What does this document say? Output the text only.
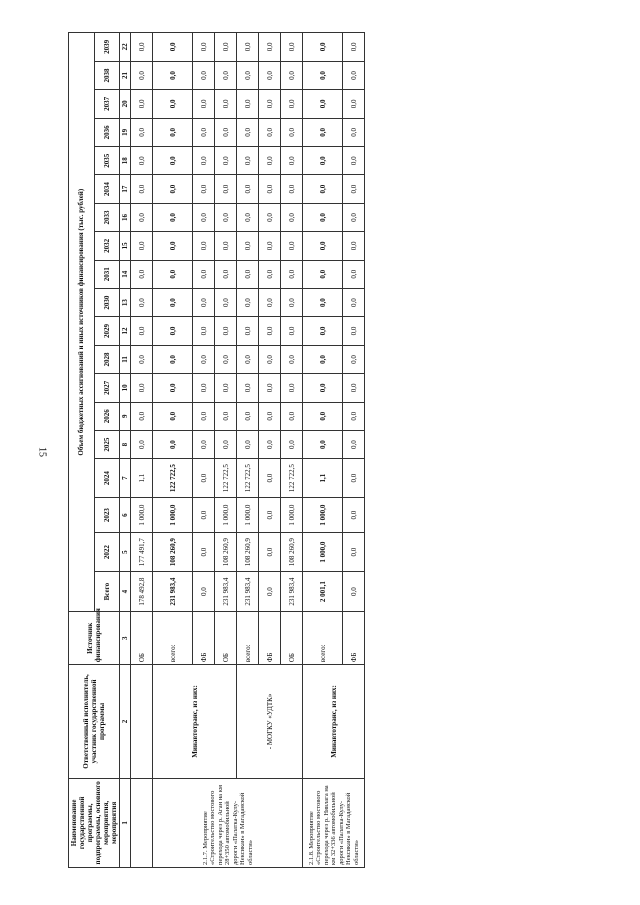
15
Наименование государственной программы, подпрограммы, основного мероприятия, мероприятия	Ответственный исполнитель, участник государственной программы	Источник финансирования	Объем бюджетных ассигнований и иных источников финансирования (тыс. рублей)																		
			Всего	2022	2023	2024	2025	2026	2027	2028	2029	2030	2031	2032	2033	2034	2035	2036	2037	2038	2039
1	2	3	4	5	6	7	8	9	10	11	12	13	14	15	16	17	18	19	20	21	22
		ОБ	178 492,8	177 491,7	1 000,0	1,1	0,0	0,0	0,0	0,0	0,0	0,0	0,0	0,0	0,0	0,0	0,0	0,0	0,0	0,0	0,0
2.1.7. Мероприятие «Строительство мостового перехода через р. Аган на км 28+350 автомобильной дороги «Палатка-Кулу-Нексикан» в Магаданской области»	Минавтотранс, из них:	всего:	231 983,4	108 260,9	1 000,0	122 722,5	0,0	0,0	0,0	0,0	0,0	0,0	0,0	0,0	0,0	0,0	0,0	0,0	0,0	0,0	0,0
		ФБ	0,0	0,0	0,0	0,0	0,0	0,0	0,0	0,0	0,0	0,0	0,0	0,0	0,0	0,0	0,0	0,0	0,0	0,0	0,0
		ОБ	231 983,4	108 260,9	1 000,0	122 722,5	0,0	0,0	0,0	0,0	0,0	0,0	0,0	0,0	0,0	0,0	0,0	0,0	0,0	0,0	0,0
	- МОГКУ «УДТК»	всего:	231 983,4	108 260,9	1 000,0	122 722,5	0,0	0,0	0,0	0,0	0,0	0,0	0,0	0,0	0,0	0,0	0,0	0,0	0,0	0,0	0,0
		ФБ	0,0	0,0	0,0	0,0	0,0	0,0	0,0	0,0	0,0	0,0	0,0	0,0	0,0	0,0	0,0	0,0	0,0	0,0	0,0
		ОБ	231 983,4	108 260,9	1 000,0	122 722,5	0,0	0,0	0,0	0,0	0,0	0,0	0,0	0,0	0,0	0,0	0,0	0,0	0,0	0,0	0,0
2.1.8. Мероприятие «Строительство мостового перехода через р. Нявлага на км 32+336 автомобильной дороги «Палатка-Кулу-Нексикан» в Магаданской области»	Минавтотранс, из них:	всего:	2 001,1	1 000,0	1 000,0	1,1	0,0	0,0	0,0	0,0	0,0	0,0	0,0	0,0	0,0	0,0	0,0	0,0	0,0	0,0	0,0
		ФБ	0,0	0,0	0,0	0,0	0,0	0,0	0,0	0,0	0,0	0,0	0,0	0,0	0,0	0,0	0,0	0,0	0,0	0,0	0,0
